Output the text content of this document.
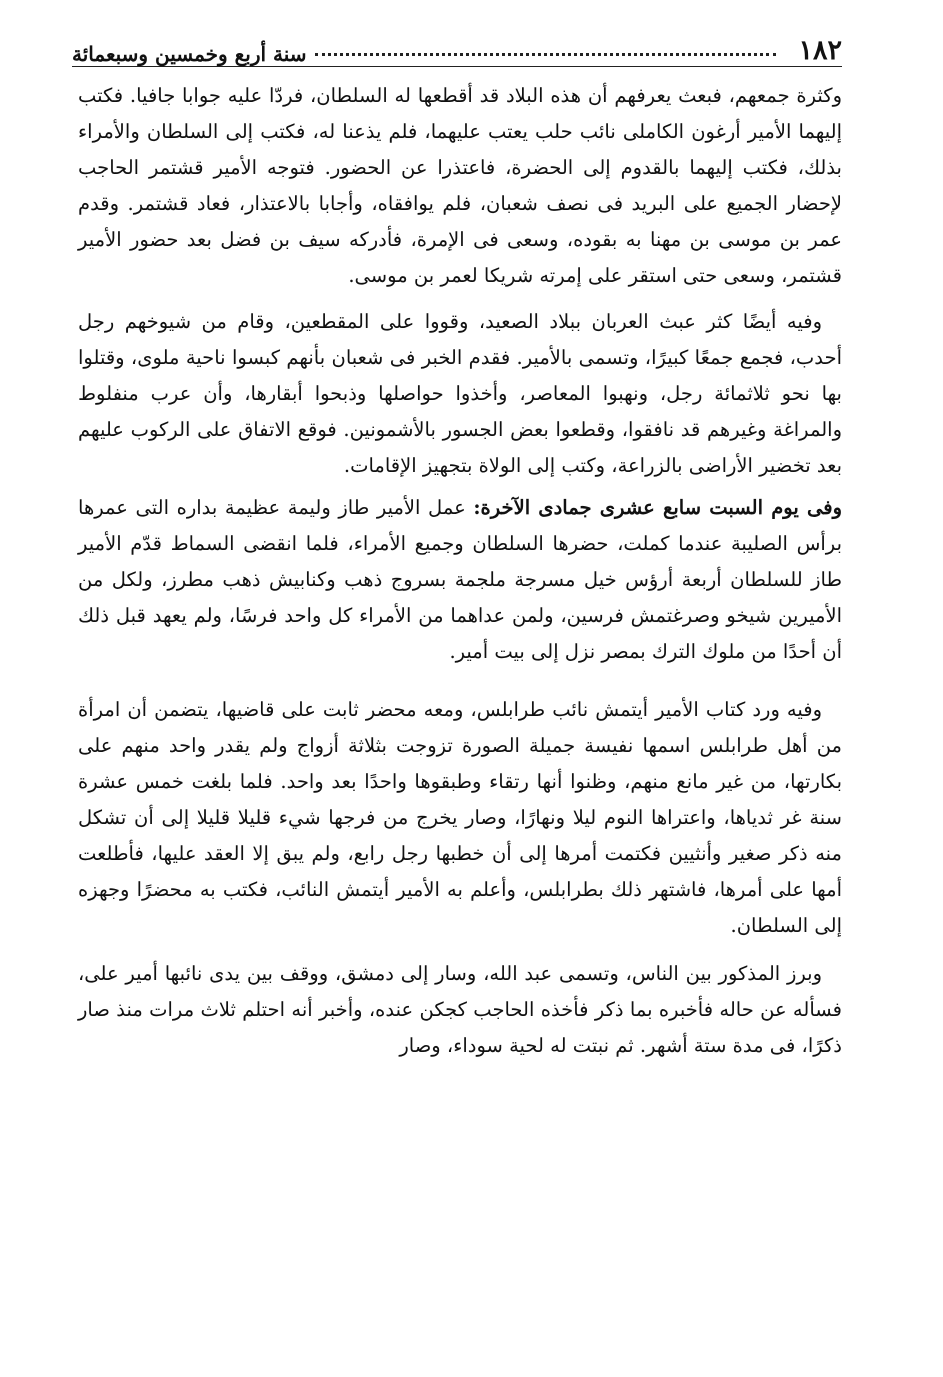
١٨٢
سنة أربع وخمسين وسبعمائة

وكثرة جمعهم، فبعث يعرفهم أن هذه البلاد قد أقطعها له السلطان، فردّا عليه جوابا جافيا. فكتب إليهما الأمير أرغون الكاملى نائب حلب يعتب عليهما، فلم يذعنا له، فكتب إلى السلطان والأمراء بذلك، فكتب إليهما بالقدوم إلى الحضرة، فاعتذرا عن الحضور. فتوجه الأمير قشتمر الحاجب لإحضار الجميع على البريد فى نصف شعبان، فلم يوافقاه، وأجابا بالاعتذار، فعاد قشتمر. وقدم عمر بن موسى بن مهنا به بقوده، وسعى فى الإمرة، فأدركه سيف بن فضل بعد حضور الأمير قشتمر، وسعى حتى استقر على إمرته شريكا لعمر بن موسى.

وفيه أيضًا كثر عبث العربان ببلاد الصعيد، وقووا على المقطعين، وقام من شيوخهم رجل أحدب، فجمع جمعًا كبيرًا، وتسمى بالأمير. فقدم الخبر فى شعبان بأنهم كبسوا ناحية ملوى، وقتلوا بها نحو ثلاثمائة رجل، ونهبوا المعاصر، وأخذوا حواصلها وذبحوا أبقارها، وأن عرب منفلوط والمراغة وغيرهم قد نافقوا، وقطعوا بعض الجسور بالأشمونين. فوقع الاتفاق على الركوب عليهم بعد تخضير الأراضى بالزراعة، وكتب إلى الولاة بتجهيز الإقامات.

وفى يوم السبت سابع عشرى جمادى الآخرة: عمل الأمير طاز وليمة عظيمة بداره التى عمرها برأس الصليبة عندما كملت، حضرها السلطان وجميع الأمراء، فلما انقضى السماط قدّم الأمير طاز للسلطان أربعة أرؤس خيل مسرجة ملجمة بسروج ذهب وكنابيش ذهب مطرز، ولكل من الأميرين شيخو وصرغتمش فرسين، ولمن عداهما من الأمراء كل واحد فرسًا، ولم يعهد قبل ذلك أن أحدًا من ملوك الترك بمصر نزل إلى بيت أمير.

وفيه ورد كتاب الأمير أيتمش نائب طرابلس، ومعه محضر ثابت على قاضيها، يتضمن أن امرأة من أهل طرابلس اسمها نفيسة جميلة الصورة تزوجت بثلاثة أزواج ولم يقدر واحد منهم على بكارتها، من غير مانع منهم، وظنوا أنها رتقاء وطبقوها واحدًا بعد واحد. فلما بلغت خمس عشرة سنة غر ثدياها، واعتراها النوم ليلا ونهارًا، وصار يخرج من فرجها شيء قليلا قليلا إلى أن تشكل منه ذكر صغير وأنثيين فكتمت أمرها إلى أن خطبها رجل رابع، ولم يبق إلا العقد عليها، فأطلعت أمها على أمرها، فاشتهر ذلك بطرابلس، وأعلم به الأمير أيتمش النائب، فكتب به محضرًا وجهزه إلى السلطان.

وبرز المذكور بين الناس، وتسمى عبد الله، وسار إلى دمشق، ووقف بين يدى نائبها أمير على، فسأله عن حاله فأخبره بما ذكر فأخذه الحاجب كجكن عنده، وأخبر أنه احتلم ثلاث مرات منذ صار ذكرًا، فى مدة ستة أشهر. ثم نبتت له لحية سوداء، وصار
